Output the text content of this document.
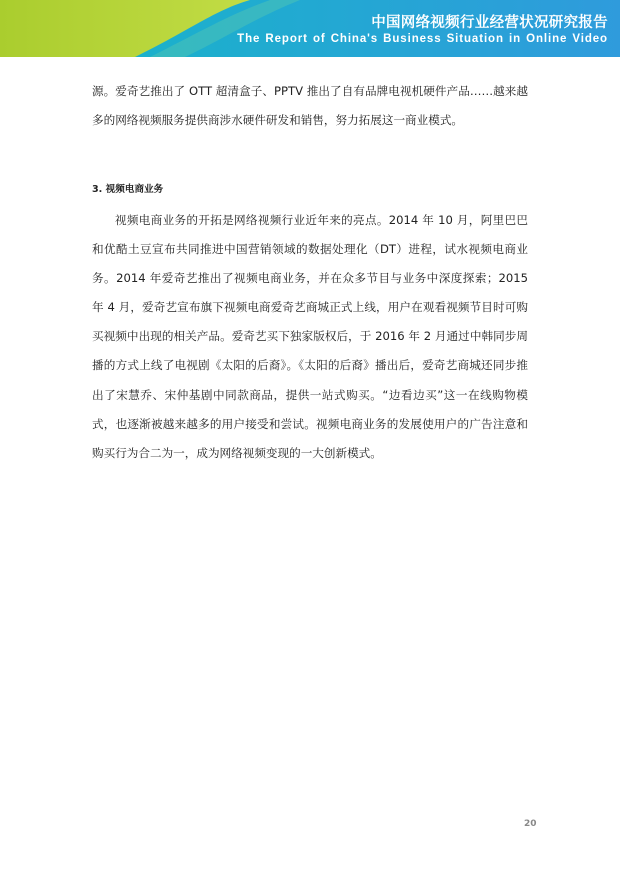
中国网络视频行业经营状况研究报告
The Report of China's Business Situation in Online Video

源。爱奇艺推出了 OTT 超清盒子、PPTV 推出了自有品牌电视机硬件产品……越来越多的网络视频服务提供商涉水硬件研发和销售，努力拓展这一商业模式。

3. 视频电商业务

视频电商业务的开拓是网络视频行业近年来的亮点。2014 年 10 月，阿里巴巴和优酷土豆宣布共同推进中国营销领域的数据处理化（DT）进程，试水视频电商业务。2014 年爱奇艺推出了视频电商业务，并在众多节目与业务中深度探索；2015 年 4 月，爱奇艺宣布旗下视频电商爱奇艺商城正式上线，用户在观看视频节目时可购买视频中出现的相关产品。爱奇艺买下独家版权后，于 2016 年 2 月通过中韩同步周播的方式上线了电视剧《太阳的后裔》。《太阳的后裔》播出后，爱奇艺商城还同步推出了宋慧乔、宋仲基剧中同款商品，提供一站式购买。“边看边买”这一在线购物模式，也逐渐被越来越多的用户接受和尝试。视频电商业务的发展使用户的广告注意和购买行为合二为一，成为网络视频变现的一大创新模式。

20
